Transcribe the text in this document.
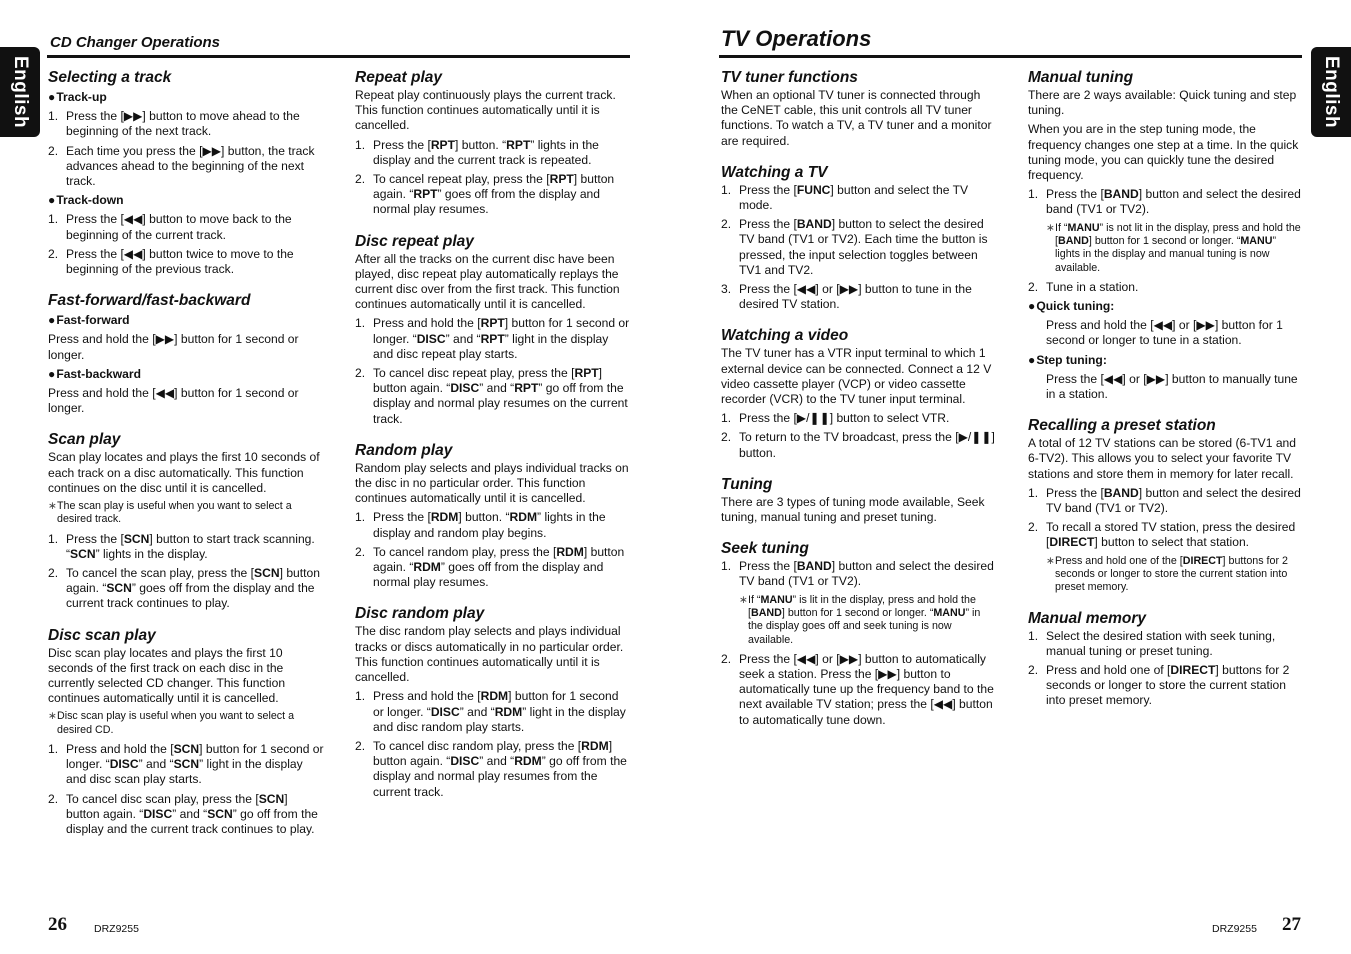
English	English
CD Changer Operations	TV Operations
Selecting a track
● Track-up
1. Press the [▶▶] button to move ahead to the beginning of the next track.
2. Each time you press the [▶▶] button, the track advances ahead to the beginning of the next track.
● Track-down
1. Press the [◀◀] button to move back to the beginning of the current track.
2. Press the [◀◀] button twice to move to the beginning of the previous track.
Fast-forward/fast-backward
● Fast-forward

Press and hold the [▶▶] button for 1 second or longer.

● Fast-backward

Press and hold the [◀◀] button for 1 second or longer.

Scan play

Scan play locates and plays the first 10 seconds of each track on a disc automatically. This function continues on the disc until it is cancelled.

∗ The scan play is useful when you want to select a desired track.
1. Press the [SCN] button to start track scanning. “SCN” lights in the display.
2. To cancel the scan play, press the [SCN] button again. “SCN” goes off from the display and the current track continues to play.
Disc scan play

Disc scan play locates and plays the first 10 seconds of the first track on each disc in the currently selected CD changer. This function continues automatically until it is cancelled.

∗ Disc scan play is useful when you want to select a desired CD.
1. Press and hold the [SCN] button for 1 second or longer. “DISC” and “SCN” light in the display and disc scan play starts.
2. To cancel disc scan play, press the [SCN] button again. “DISC” and “SCN” go off from the display and the current track continues to play.
Repeat play

Repeat play continuously plays the current track. This function continues automatically until it is cancelled.

1. Press the [RPT] button. “RPT” lights in the display and the current track is repeated.
2. To cancel repeat play, press the [RPT] button again. “RPT” goes off from the display and normal play resumes.
Disc repeat play

After all the tracks on the current disc have been played, disc repeat play automatically replays the current disc over from the first track. This function continues automatically until it is cancelled.

1. Press and hold the [RPT] button for 1 second or longer. “DISC” and “RPT” light in the display and disc repeat play starts.
2. To cancel disc repeat play, press the [RPT] button again. “DISC” and “RPT” go off from the display and normal play resumes on the current track.
Random play

Random play selects and plays individual tracks on the disc in no particular order. This function continues automatically until it is cancelled.

1. Press the [RDM] button. “RDM” lights in the display and random play begins.
2. To cancel random play, press the [RDM] button again. “RDM” goes off from the display and normal play resumes.
Disc random play

The disc random play selects and plays individual tracks or discs automatically in no particular order. This function continues automatically until it is cancelled.

1. Press and hold the [RDM] button for 1 second or longer. “DISC” and “RDM” light in the display and disc random play starts.
2. To cancel disc random play, press the [RDM] button again. “DISC” and “RDM” go off from the display and normal play resumes from the current track.
TV tuner functions

When an optional TV tuner is connected through the CeNET cable, this unit controls all TV tuner functions. To watch a TV, a TV tuner and a monitor are required.

Watching a TV
1. Press the [FUNC] button and select the TV mode.
2. Press the [BAND] button to select the desired TV band (TV1 or TV2). Each time the button is pressed, the input selection toggles between TV1 and TV2.
3. Press the [◀◀] or [▶▶] button to tune in the desired TV station.
Watching a video

The TV tuner has a VTR input terminal to which 1 external device can be connected. Connect a 12 V video cassette player (VCP) or video cassette recorder (VCR) to the TV tuner input terminal.

1. Press the [▶/❚❚] button to select VTR.
2. To return to the TV broadcast, press the [▶/❚❚] button.
Tuning

There are 3 types of tuning mode available, Seek tuning, manual tuning and preset tuning.

Seek tuning
1. Press the [BAND] button and select the desired TV band (TV1 or TV2).
∗ If “MANU” is lit in the display, press and hold the [BAND] button for 1 second or longer. “MANU” in the display goes off and seek tuning is now available.
2. Press the [◀◀] or [▶▶] button to automatically seek a station. Press the [▶▶] button to automatically tune up the frequency band to the next available TV station; press the [◀◀] button to automatically tune down.
Manual tuning

There are 2 ways available: Quick tuning and step tuning.

When you are in the step tuning mode, the frequency changes one step at a time. In the quick tuning mode, you can quickly tune the desired frequency.

1. Press the [BAND] button and select the desired band (TV1 or TV2).
∗ If “MANU” is not lit in the display, press and hold the [BAND] button for 1 second or longer. “MANU” lights in the display and manual tuning is now available.
2. Tune in a station.
● Quick tuning:

Press and hold the [◀◀] or [▶▶] button for 1 second or longer to tune in a station.

● Step tuning:

Press the [◀◀] or [▶▶] button to manually tune in a station.

Recalling a preset station

A total of 12 TV stations can be stored (6-TV1 and 6-TV2). This allows you to select your favorite TV stations and store them in memory for later recall.

1. Press the [BAND] button and select the desired TV band (TV1 or TV2).
2. To recall a stored TV station, press the desired [DIRECT] button to select that station.
∗ Press and hold one of the [DIRECT] buttons for 2 seconds or longer to store the current station into preset memory.
Manual memory
1. Select the desired station with seek tuning, manual tuning or preset tuning.
2. Press and hold one of [DIRECT] buttons for 2 seconds or longer to store the current station into preset memory.
26	DRZ9255	DRZ9255 27
